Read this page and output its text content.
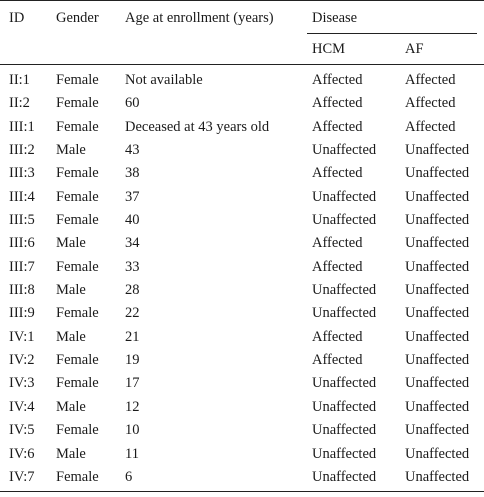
ID Gender Age at enrollment (years)	Disease
HCM	AF
II:1 Female Not available	Affected	Affected
II:2 Female 60	Affected	Affected
III:1 Female Deceased at 43 years old	Affected	Affected
III:2 Male	43	Unaffected Unaffected
III:3 Female 38	Affected	Unaffected
III:4 Female 37	Unaffected Unaffected
III:5 Female 40	Unaffected Unaffected
III:6 Male	34	Affected	Unaffected
III:7 Female 33	Affected	Unaffected
III:8 Male	28	Unaffected Unaffected
III:9 Female 22	Unaffected Unaffected
IV:1 Male	21	Affected	Unaffected
IV:2 Female 19	Affected	Unaffected
IV:3 Female 17	Unaffected Unaffected
IV:4 Male	12	Unaffected Unaffected
IV:5 Female 10	Unaffected Unaffected
IV:6 Male	11	Unaffected Unaffected
IV:7 Female 6	Unaffected Unaffected
